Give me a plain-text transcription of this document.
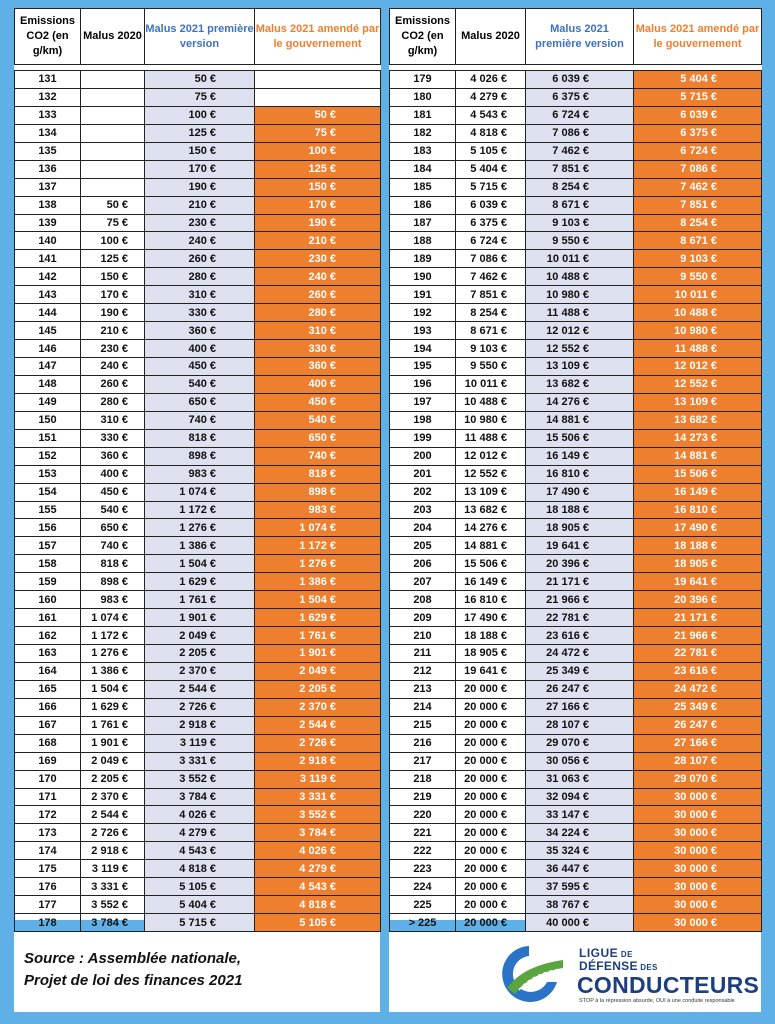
Emissions CO2 (en g/km)	Malus 2020	Malus 2021 première version	Malus 2021 amendé par le gouvernement

131		50 €	
132		75 €	
133		100 €	50 €
134		125 €	75 €
135		150 €	100 €
136		170 €	125 €
137		190 €	150 €
138	50 €	210 €	170 €
139	75 €	230 €	190 €
140	100 €	240 €	210 €
141	125 €	260 €	230 €
142	150 €	280 €	240 €
143	170 €	310 €	260 €
144	190 €	330 €	280 €
145	210 €	360 €	310 €
146	230 €	400 €	330 €
147	240 €	450 €	360 €
148	260 €	540 €	400 €
149	280 €	650 €	450 €
150	310 €	740 €	540 €
151	330 €	818 €	650 €
152	360 €	898 €	740 €
153	400 €	983 €	818 €
154	450 €	1 074 €	898 €
155	540 €	1 172 €	983 €
156	650 €	1 276 €	1 074 €
157	740 €	1 386 €	1 172 €
158	818 €	1 504 €	1 276 €
159	898 €	1 629 €	1 386 €
160	983 €	1 761 €	1 504 €
161	1 074 €	1 901 €	1 629 €
162	1 172 €	2 049 €	1 761 €
163	1 276 €	2 205 €	1 901 €
164	1 386 €	2 370 €	2 049 €
165	1 504 €	2 544 €	2 205 €
166	1 629 €	2 726 €	2 370 €
167	1 761 €	2 918 €	2 544 €
168	1 901 €	3 119 €	2 726 €
169	2 049 €	3 331 €	2 918 €
170	2 205 €	3 552 €	3 119 €
171	2 370 €	3 784 €	3 331 €
172	2 544 €	4 026 €	3 552 €
173	2 726 €	4 279 €	3 784 €
174	2 918 €	4 543 €	4 026 €
175	3 119 €	4 818 €	4 279 €
176	3 331 €	5 105 €	4 543 €
177	3 552 €	5 404 €	4 818 €
178	3 784 €	5 715 €	5 105 €
Emissions CO2 (en g/km)	Malus 2020	Malus 2021 première version	Malus 2021 amendé par le gouvernement

179	4 026 €	6 039 €	5 404 €
180	4 279 €	6 375 €	5 715 €
181	4 543 €	6 724 €	6 039 €
182	4 818 €	7 086 €	6 375 €
183	5 105 €	7 462 €	6 724 €
184	5 404 €	7 851 €	7 086 €
185	5 715 €	8 254 €	7 462 €
186	6 039 €	8 671 €	7 851 €
187	6 375 €	9 103 €	8 254 €
188	6 724 €	9 550 €	8 671 €
189	7 086 €	10 011 €	9 103 €
190	7 462 €	10 488 €	9 550 €
191	7 851 €	10 980 €	10 011 €
192	8 254 €	11 488 €	10 488 €
193	8 671 €	12 012 €	10 980 €
194	9 103 €	12 552 €	11 488 €
195	9 550 €	13 109 €	12 012 €
196	10 011 €	13 682 €	12 552 €
197	10 488 €	14 276 €	13 109 €
198	10 980 €	14 881 €	13 682 €
199	11 488 €	15 506 €	14 273 €
200	12 012 €	16 149 €	14 881 €
201	12 552 €	16 810 €	15 506 €
202	13 109 €	17 490 €	16 149 €
203	13 682 €	18 188 €	16 810 €
204	14 276 €	18 905 €	17 490 €
205	14 881 €	19 641 €	18 188 €
206	15 506 €	20 396 €	18 905 €
207	16 149 €	21 171 €	19 641 €
208	16 810 €	21 966 €	20 396 €
209	17 490 €	22 781 €	21 171 €
210	18 188 €	23 616 €	21 966 €
211	18 905 €	24 472 €	22 781 €
212	19 641 €	25 349 €	23 616 €
213	20 000 €	26 247 €	24 472 €
214	20 000 €	27 166 €	25 349 €
215	20 000 €	28 107 €	26 247 €
216	20 000 €	29 070 €	27 166 €
217	20 000 €	30 056 €	28 107 €
218	20 000 €	31 063 €	29 070 €
219	20 000 €	32 094 €	30 000 €
220	20 000 €	33 147 €	30 000 €
221	20 000 €	34 224 €	30 000 €
222	20 000 €	35 324 €	30 000 €
223	20 000 €	36 447 €	30 000 €
224	20 000 €	37 595 €	30 000 €
225	20 000 €	38 767 €	30 000 €
> 225	20 000 €	40 000 €	30 000 €
Source : Assemblée nationale,
Projet de loi des finances 2021
LIGUE DE
DÉFENSE DES
CONDUCTEURS
STOP à la répression absurde, OUI à une conduite responsable
